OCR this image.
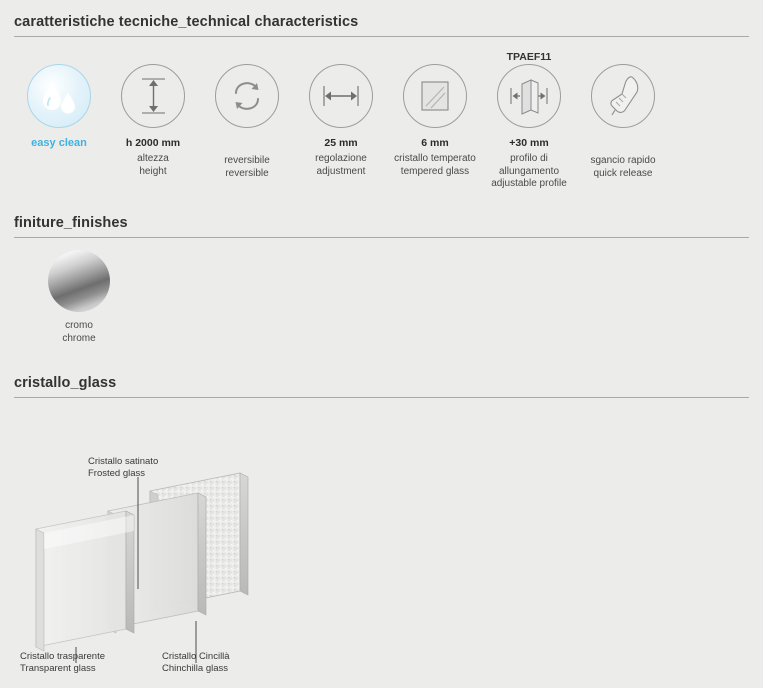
caratteristiche tecniche_technical characteristics
easy clean	h 2000 mm
altezza
height
reversibile
reversible
25 mm
regolazione
adjustment
6 mm
cristallo temperato
tempered glass
TPAEF11
+30 mm
profilo di allungamento
adjustable profile
sgancio rapido
quick release
finiture_finishes
cromo
chrome
cristallo_glass
Cristallo satinato
Frosted glass
Cristallo trasparente
Transparent glass
Cristallo Cincillà
Chinchilla glass
